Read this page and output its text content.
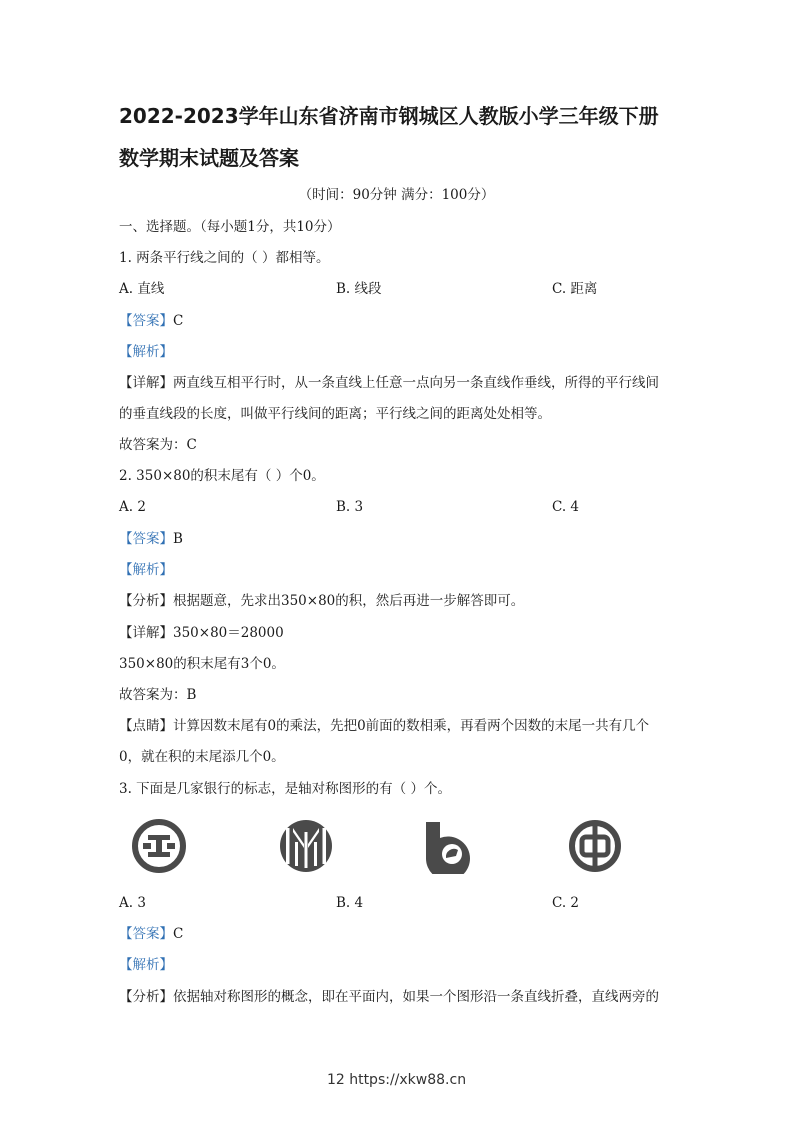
2022-2023学年山东省济南市钢城区人教版小学三年级下册
数学期末试题及答案
（时间：90分钟 满分：100分）
一、选择题。（每小题1分，共10分）
1. 两条平行线之间的（ ）都相等。
A. 直线	B. 线段	C. 距离
【答案】C
【解析】
【详解】两直线互相平行时，从一条直线上任意一点向另一条直线作垂线，所得的平行线间
的垂直线段的长度，叫做平行线间的距离；平行线之间的距离处处相等。
故答案为：C
2. 350×80的积末尾有（ ）个0。
A. 2	B. 3	C. 4
【答案】B
【解析】
【分析】根据题意，先求出350×80的积，然后再进一步解答即可。
【详解】350×80＝28000
350×80的积末尾有3个0。
故答案为：B
【点睛】计算因数末尾有0的乘法，先把0前面的数相乘，再看两个因数的末尾一共有几个
0，就在积的末尾添几个0。
3. 下面是几家银行的标志，是轴对称图形的有（ ）个。
A. 3	B. 4	C. 2
【答案】C
【解析】
【分析】依据轴对称图形的概念，即在平面内，如果一个图形沿一条直线折叠，直线两旁的
12 https://xkw88.cn
